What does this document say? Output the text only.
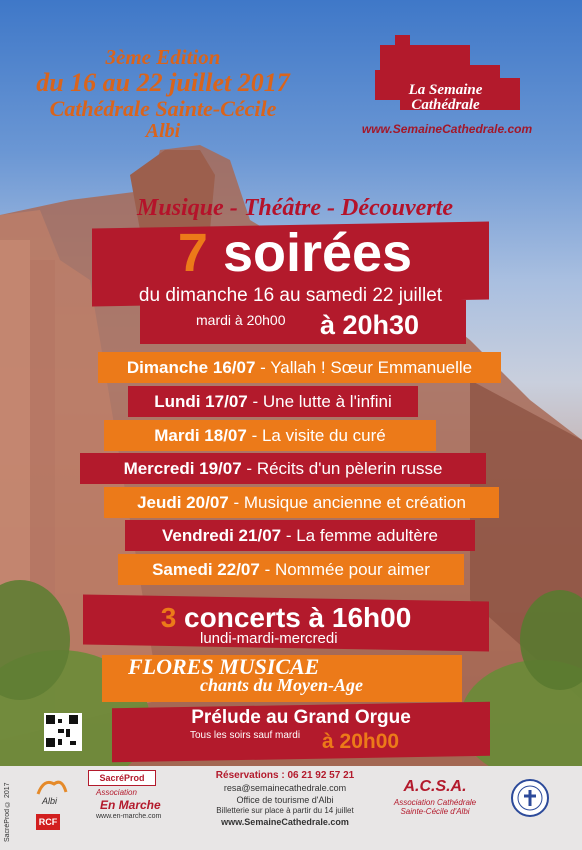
3ème Edition
du 16 au 22 juillet 2017
Cathédrale Sainte-Cécile
Albi
La Semaine
Cathédrale
www.SemaineCathedrale.com
Musique - Théâtre - Découverte
7 soirées
du dimanche 16 au samedi 22 juillet
mardi à 20h00 à 20h30
Dimanche 16/07 - Yallah ! Sœur Emmanuelle
Lundi 17/07 - Une lutte à l'infini
Mardi 18/07 - La visite du curé
Mercredi 19/07 - Récits d'un pèlerin russe
Jeudi 20/07 - Musique ancienne et création
Vendredi 21/07 - La femme adultère
Samedi 22/07 - Nommée pour aimer
3 concerts à 16h00
lundi-mardi-mercredi
FLORES MUSICAE
chants du Moyen-Age
Prélude au Grand Orgue
Tous les soirs sauf mardi à 20h00
SacréProd © 2017	Albi
RCF
SacréProd
Association
En Marche
www.en-marche.com
Réservations : 06 21 92 57 21
resa@semainecathedrale.com
Office de tourisme d'Albi
Billetterie sur place à partir du 14 juillet
www.SemaineCathedrale.com
A.C.S.A.
Association Cathédrale
Sainte-Cécile d'Albi
